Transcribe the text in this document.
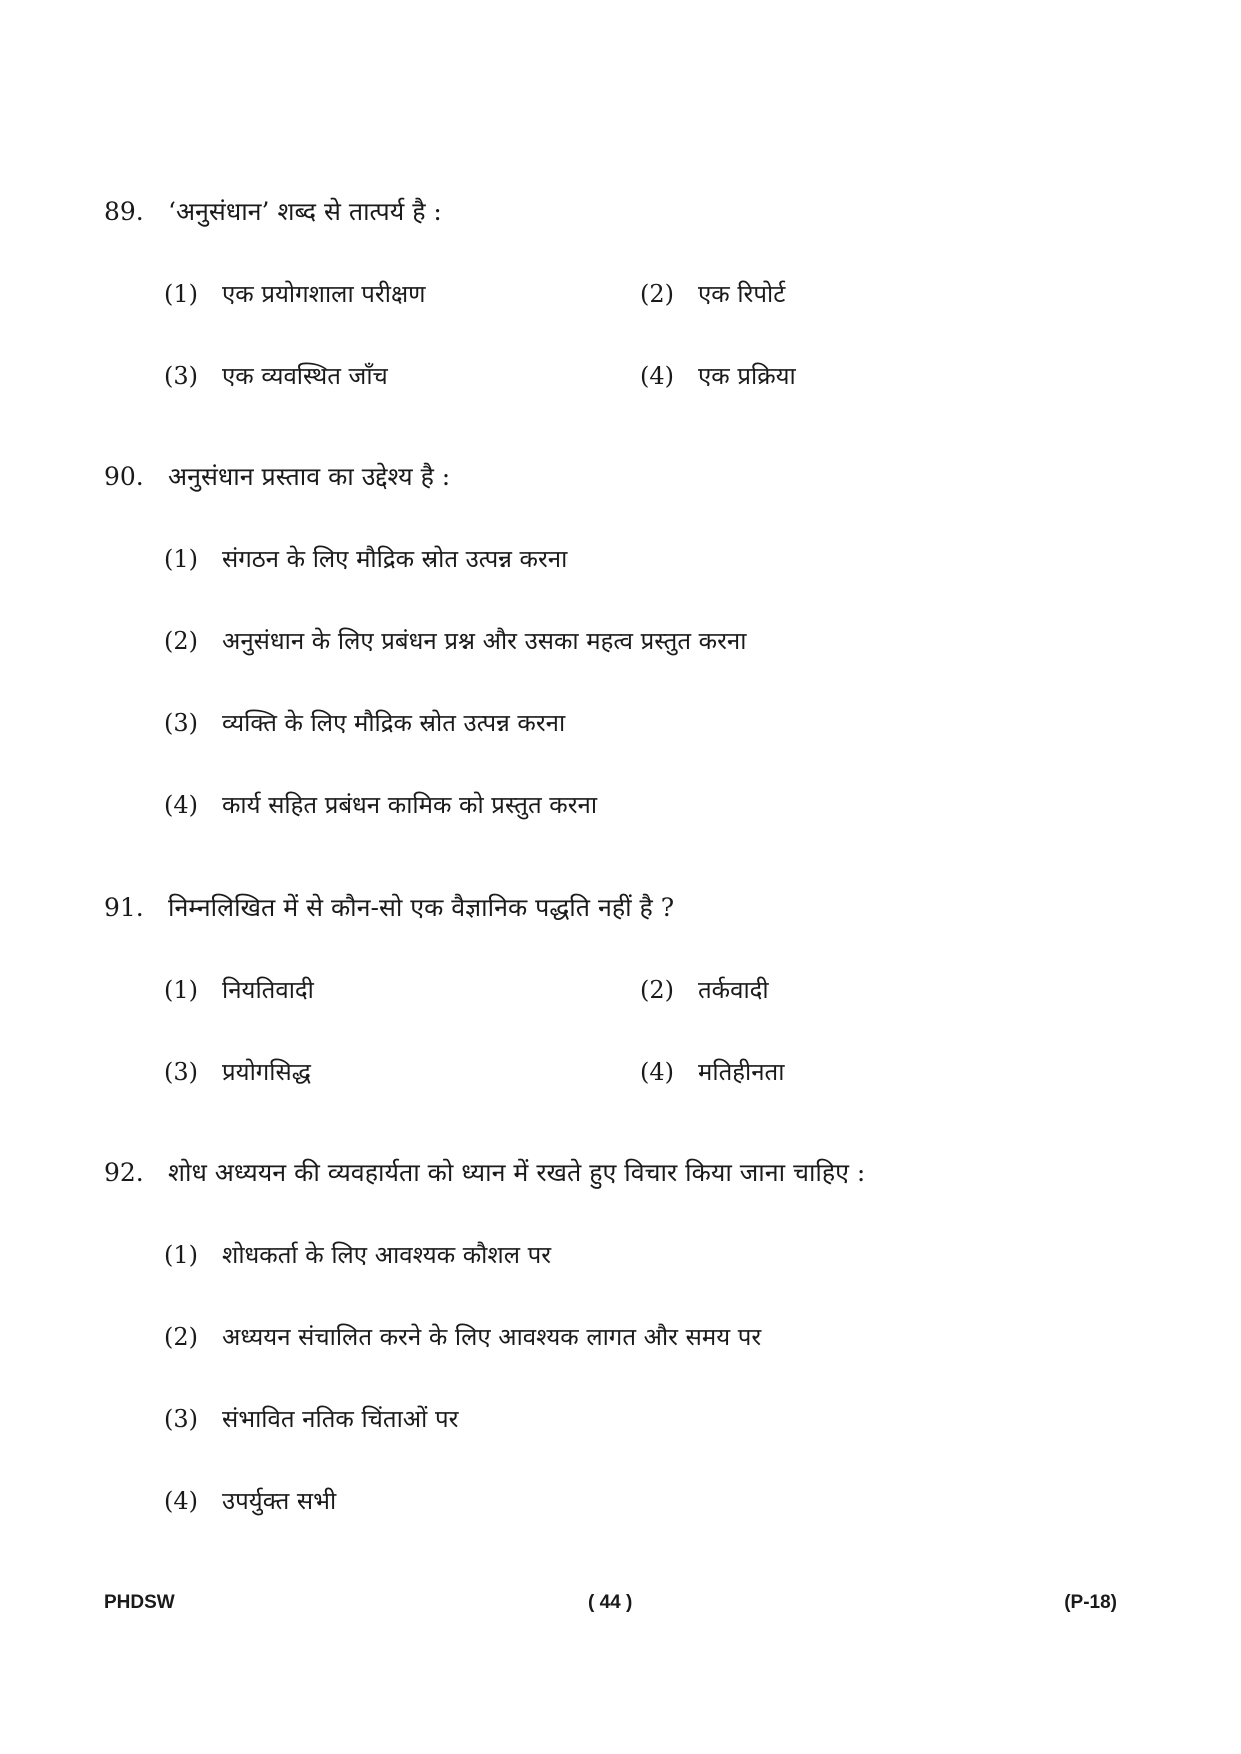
89. ‘अनुसंधान’ शब्द से तात्पर्य है :
(1) एक प्रयोगशाला परीक्षण	(2) एक रिपोर्ट
(3) एक व्यवस्थित जाँच	(4) एक प्रक्रिया
90. अनुसंधान प्रस्ताव का उद्देश्य है :
(1) संगठन के लिए मौद्रिक स्रोत उत्पन्न करना
(2) अनुसंधान के लिए प्रबंधन प्रश्न और उसका महत्व प्रस्तुत करना
(3) व्यक्ति के लिए मौद्रिक स्रोत उत्पन्न करना
(4) कार्य सहित प्रबंधन कामिक को प्रस्तुत करना
91. निम्नलिखित में से कौन-सो एक वैज्ञानिक पद्धति नहीं है ?
(1) नियतिवादी	(2) तर्कवादी
(3) प्रयोगसिद्ध	(4) मतिहीनता
92. शोध अध्ययन की व्यवहार्यता को ध्यान में रखते हुए विचार किया जाना चाहिए :
(1) शोधकर्ता के लिए आवश्यक कौशल पर
(2) अध्ययन संचालित करने के लिए आवश्यक लागत और समय पर
(3) संभावित नतिक चिंताओं पर
(4) उपर्युक्त सभी
PHDSW	( 44 )	(P-18)
